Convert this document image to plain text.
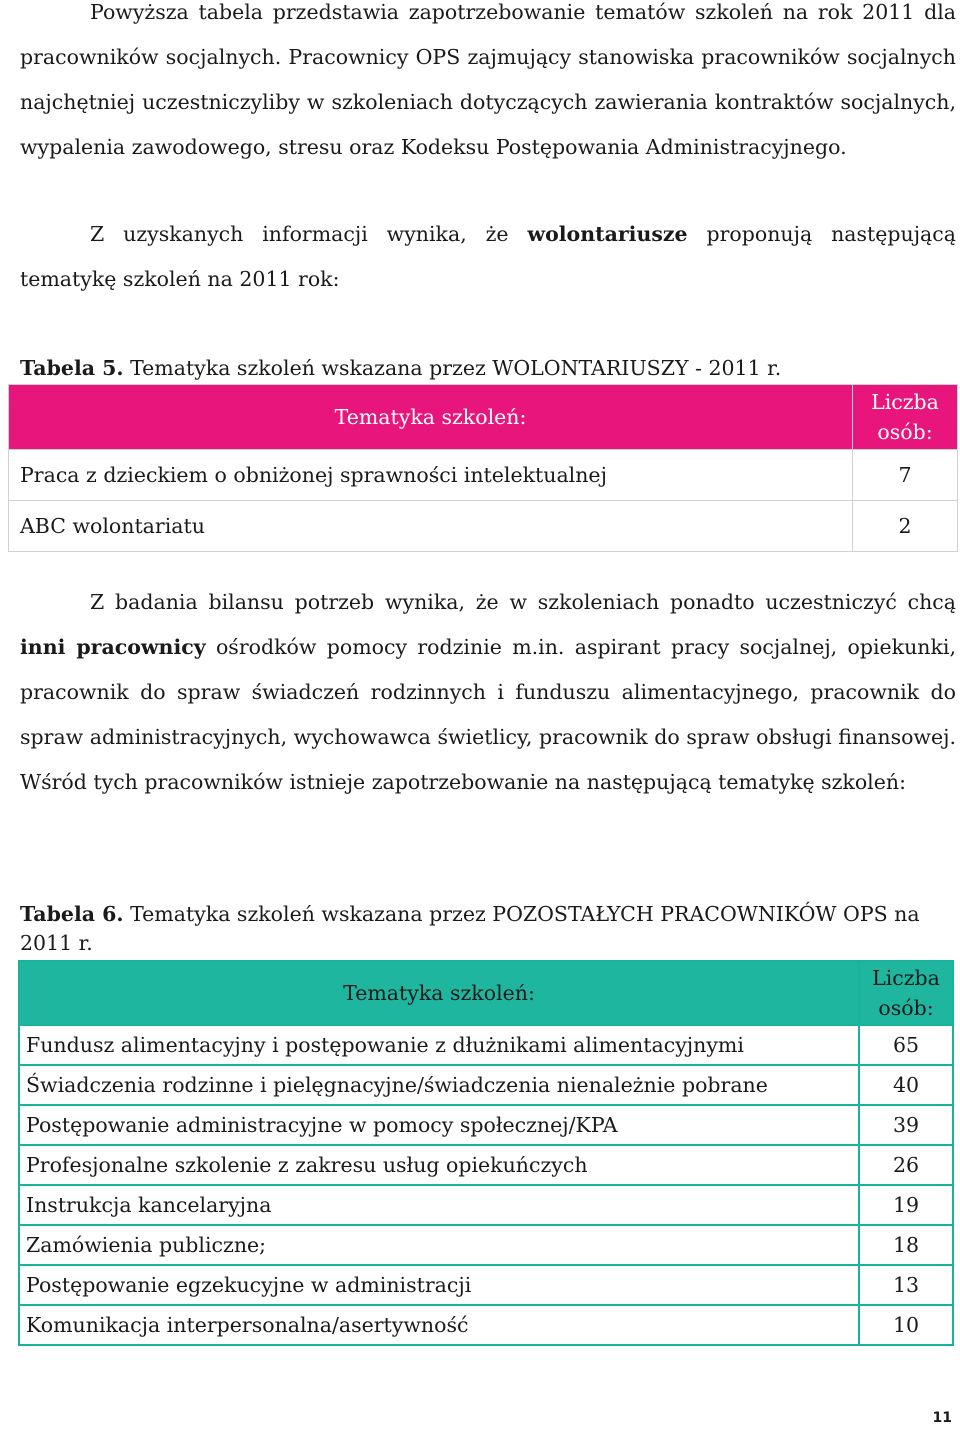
Powyższa tabela przedstawia zapotrzebowanie tematów szkoleń na rok 2011 dla pracowników socjalnych. Pracownicy OPS zajmujący stanowiska pracowników socjalnych najchętniej uczestniczyliby w szkoleniach dotyczących zawierania kontraktów socjalnych, wypalenia zawodowego, stresu oraz Kodeksu Postępowania Administracyjnego.

Z uzyskanych informacji wynika, że wolontariusze proponują następującą tematykę szkoleń na 2011 rok:

Tabela 5. Tematyka szkoleń wskazana przez WOLONTARIUSZY - 2011 r.

Tematyka szkoleń:	Liczba
osób:
Praca z dzieckiem o obniżonej sprawności intelektualnej	7
ABC wolontariatu	2

Z badania bilansu potrzeb wynika, że w szkoleniach ponadto uczestniczyć chcą inni pracownicy ośrodków pomocy rodzinie m.in. aspirant pracy socjalnej, opiekunki, pracownik do spraw świadczeń rodzinnych i funduszu alimentacyjnego, pracownik do spraw administracyjnych, wychowawca świetlicy, pracownik do spraw obsługi finansowej. Wśród tych pracowników istnieje zapotrzebowanie na następującą tematykę szkoleń:

Tabela 6. Tematyka szkoleń wskazana przez POZOSTAŁYCH PRACOWNIKÓW OPS na 2011 r.

Tematyka szkoleń:	Liczba
osób:
Fundusz alimentacyjny i postępowanie z dłużnikami alimentacyjnymi	65
Świadczenia rodzinne i pielęgnacyjne/świadczenia nienależnie pobrane	40
Postępowanie administracyjne w pomocy społecznej/KPA	39
Profesjonalne szkolenie z zakresu usług opiekuńczych	26
Instrukcja kancelaryjna	19
Zamówienia publiczne;	18
Postępowanie egzekucyjne w administracji	13
Komunikacja interpersonalna/asertywność	10
11
